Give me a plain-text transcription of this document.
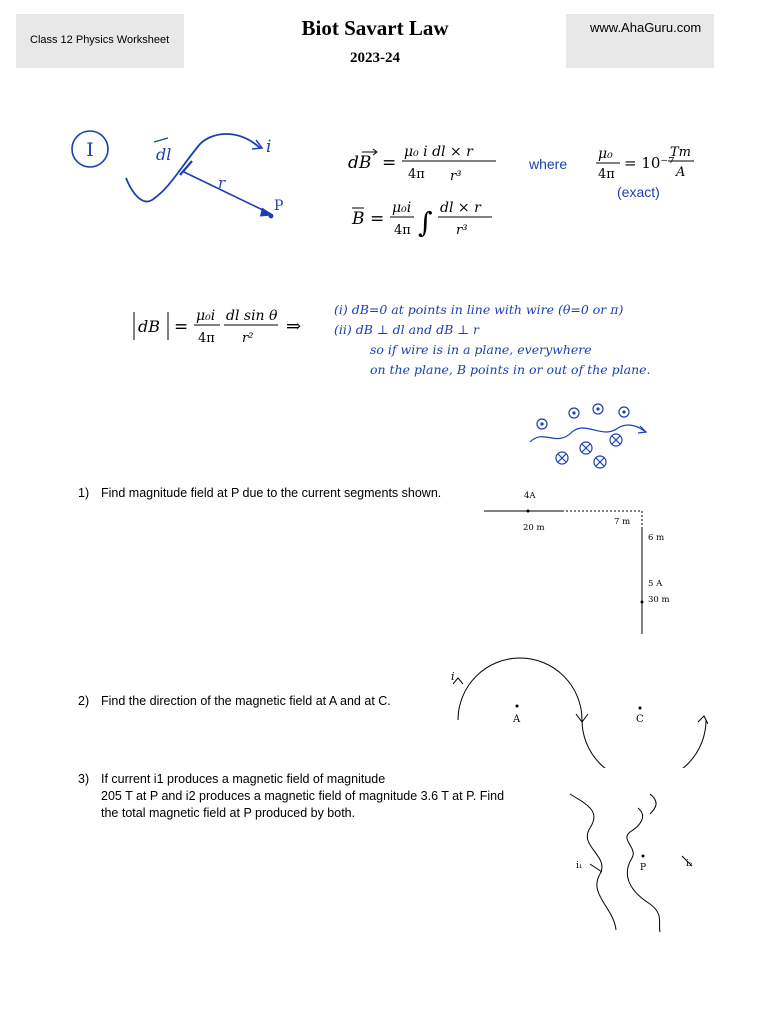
Class 12 Physics Worksheet	Biot Savart Law
2023-24
www.AhaGuru.com
I	i
dl
r
P
dB =
μ₀ i dl × r
4π r³
where
μ₀
4π
= 10⁻⁷
Tm
A
(exact)
B =
μ₀i
4π ∫ dl × r
r³
dB =
μ₀i
4π
dl sin θ
r²
⇒
(i) dB=0 at points in line with wire (θ=0 or π)
(ii) dB ⊥ dl and dB ⊥ r
so if wire is in a plane, everywhere
on the plane, B points in or out of the plane.
1) Find magnitude field at P due to the current segments shown.	4A
20 m
7 m
6 m
5 A
30 m
2) Find the direction of the magnetic field at A and at C.
i
A	C
3) If current i1 produces a magnetic field of magnitude
205 T at P and i2 produces a magnetic field of magnitude 3.6 T at P. Find
the total magnetic field at P produced by both.
i₁	P	i₂
